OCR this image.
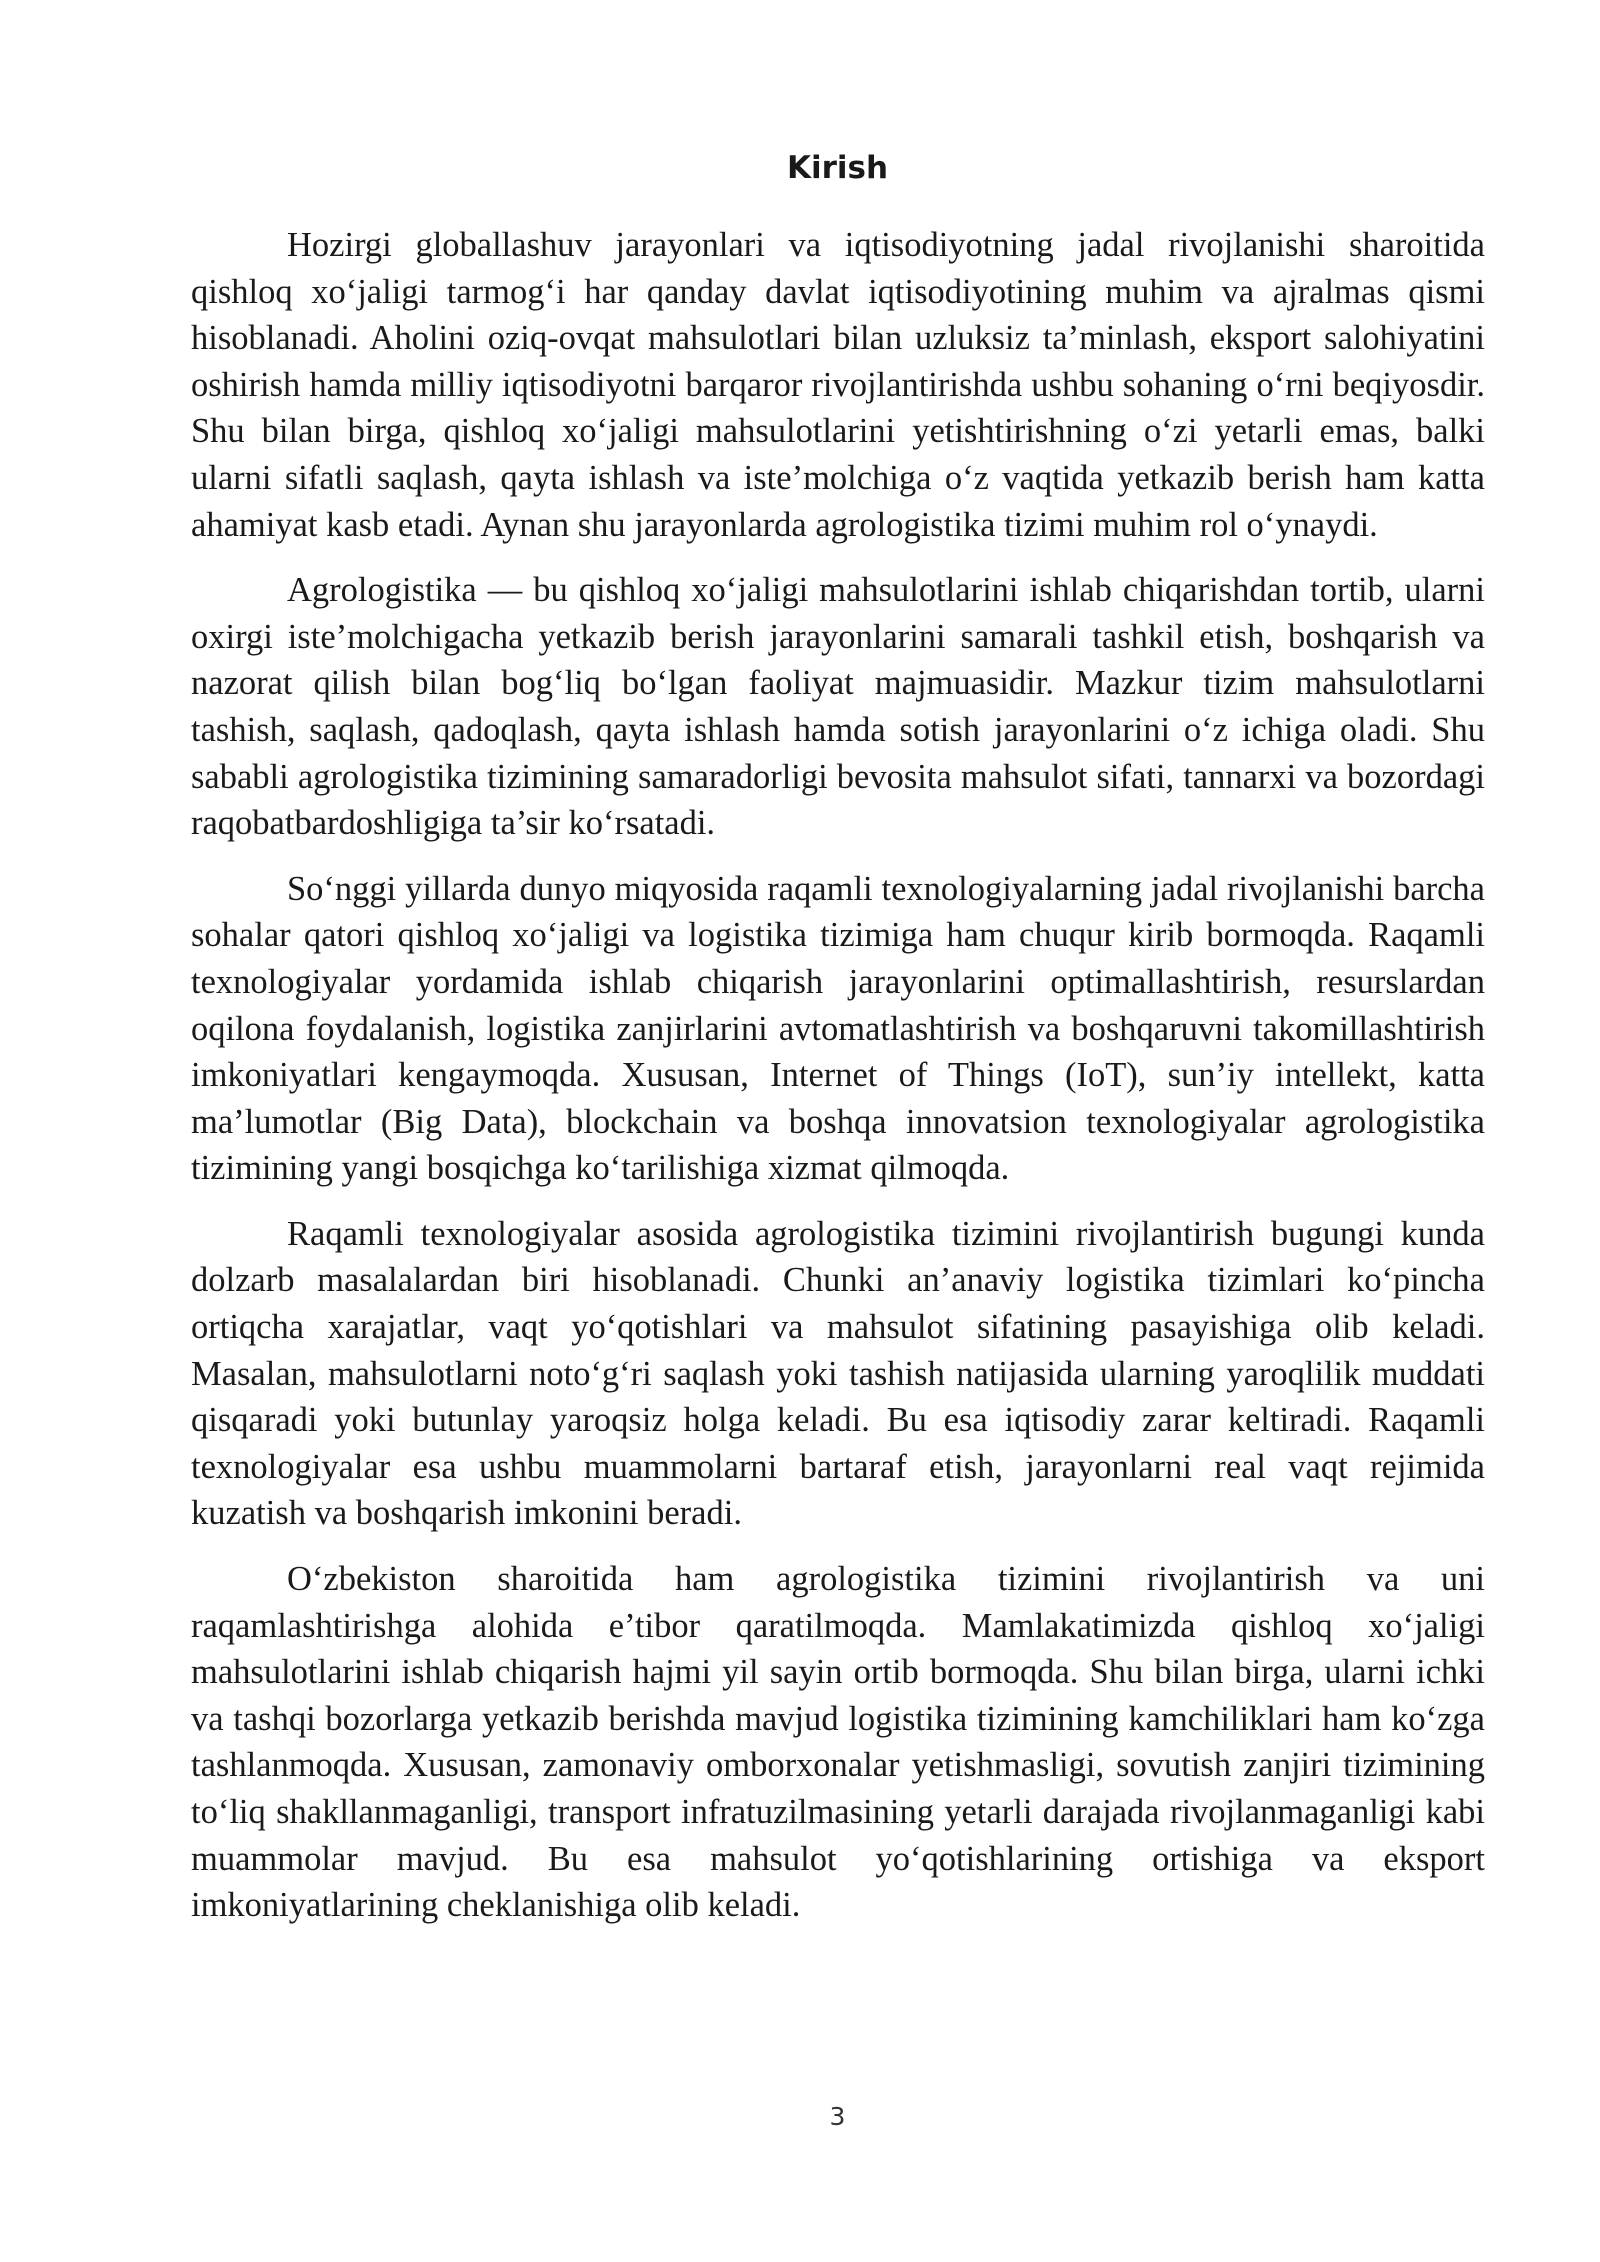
Kirish

Hozirgi globallashuv jarayonlari va iqtisodiyotning jadal rivojlanishi sharoitida qishloq xo‘jaligi tarmog‘i har qanday davlat iqtisodiyotining muhim va ajralmas qismi hisoblanadi. Aholini oziq-ovqat mahsulotlari bilan uzluksiz ta’minlash, eksport salohiyatini oshirish hamda milliy iqtisodiyotni barqaror rivojlantirishda ushbu sohaning o‘rni beqiyosdir. Shu bilan birga, qishloq xo‘jaligi mahsulotlarini yetishtirishning o‘zi yetarli emas, balki ularni sifatli saqlash, qayta ishlash va iste’molchiga o‘z vaqtida yetkazib berish ham katta ahamiyat kasb etadi. Aynan shu jarayonlarda agrologistika tizimi muhim rol o‘ynaydi.

Agrologistika — bu qishloq xo‘jaligi mahsulotlarini ishlab chiqarishdan tortib, ularni oxirgi iste’molchigacha yetkazib berish jarayonlarini samarali tashkil etish, boshqarish va nazorat qilish bilan bog‘liq bo‘lgan faoliyat majmuasidir. Mazkur tizim mahsulotlarni tashish, saqlash, qadoqlash, qayta ishlash hamda sotish jarayonlarini o‘z ichiga oladi. Shu sababli agrologistika tizimining samaradorligi bevosita mahsulot sifati, tannarxi va bozordagi raqobatbardoshligiga ta’sir ko‘rsatadi.

So‘nggi yillarda dunyo miqyosida raqamli texnologiyalarning jadal rivojlanishi barcha sohalar qatori qishloq xo‘jaligi va logistika tizimiga ham chuqur kirib bormoqda. Raqamli texnologiyalar yordamida ishlab chiqarish jarayonlarini optimallashtirish, resurslardan oqilona foydalanish, logistika zanjirlarini avtomatlashtirish va boshqaruvni takomillashtirish imkoniyatlari kengaymoqda. Xususan, Internet of Things (IoT), sun’iy intellekt, katta ma’lumotlar (Big Data), blockchain va boshqa innovatsion texnologiyalar agrologistika tizimining yangi bosqichga ko‘tarilishiga xizmat qilmoqda.

Raqamli texnologiyalar asosida agrologistika tizimini rivojlantirish bugungi kunda dolzarb masalalardan biri hisoblanadi. Chunki an’anaviy logistika tizimlari ko‘pincha ortiqcha xarajatlar, vaqt yo‘qotishlari va mahsulot sifatining pasayishiga olib keladi. Masalan, mahsulotlarni noto‘g‘ri saqlash yoki tashish natijasida ularning yaroqlilik muddati qisqaradi yoki butunlay yaroqsiz holga keladi. Bu esa iqtisodiy zarar keltiradi. Raqamli texnologiyalar esa ushbu muammolarni bartaraf etish, jarayonlarni real vaqt rejimida kuzatish va boshqarish imkonini beradi.

O‘zbekiston sharoitida ham agrologistika tizimini rivojlantirish va uni raqamlashtirishga alohida e’tibor qaratilmoqda. Mamlakatimizda qishloq xo‘jaligi mahsulotlarini ishlab chiqarish hajmi yil sayin ortib bormoqda. Shu bilan birga, ularni ichki va tashqi bozorlarga yetkazib berishda mavjud logistika tizimining kamchiliklari ham ko‘zga tashlanmoqda. Xususan, zamonaviy omborxonalar yetishmasligi, sovutish zanjiri tizimining to‘liq shakllanmaganligi, transport infratuzilmasining yetarli darajada rivojlanmaganligi kabi muammolar mavjud. Bu esa mahsulot yo‘qotishlarining ortishiga va eksport imkoniyatlarining cheklanishiga olib keladi.

3
